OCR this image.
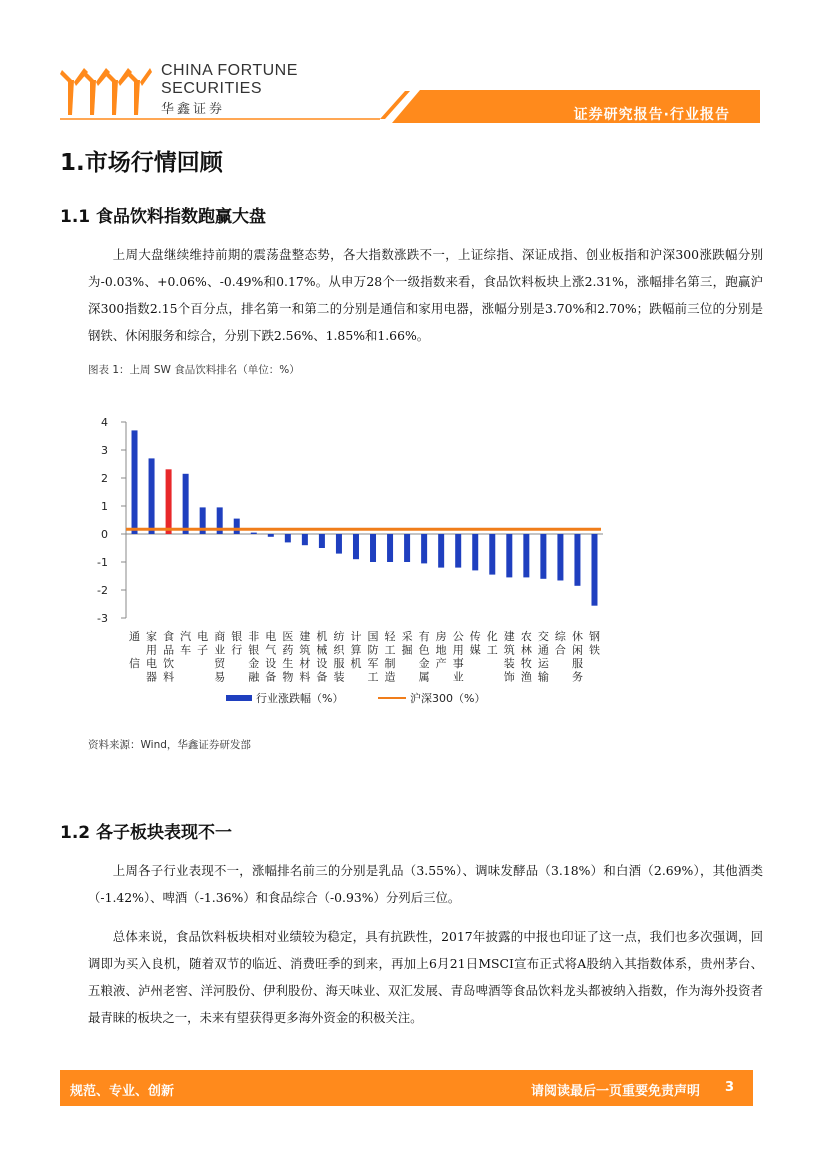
CHINA FORTUNE
SECURITIES
华鑫证券	证券研究报告·行业报告
1.市场行情回顾
1.1 食品饮料指数跑赢大盘
上周大盘继续维持前期的震荡盘整态势，各大指数涨跌不一，上证综指、深证成指、创业板指和沪深300涨跌幅分别为-0.03%、+0.06%、-0.49%和0.17%。从申万28个一级指数来看，食品饮料板块上涨2.31%，涨幅排名第三，跑赢沪深300指数2.15个百分点，排名第一和第二的分别是通信和家用电器，涨幅分别是3.70%和2.70%；跌幅前三位的分别是钢铁、休闲服务和综合，分别下跌2.56%、1.85%和1.66%。
图表 1：上周 SW 食品饮料排名（单位：%）
4
3
2
1
0
-1
-2
-3
通信
家用电器
食品饮料
汽车
电子
商业贸易
银行
非银金融
电气设备
医药生物
建筑材料
机械设备
纺织服装
计算机
国防军工
轻工制造
采掘
有色金属
房地产
公用事业
传媒
化工
建筑装饰
农林牧渔
交通运输
综合
休闲服务
钢铁
行业涨跌幅（%）	沪深300（%）
资料来源：Wind，华鑫证券研发部
1.2 各子板块表现不一
上周各子行业表现不一，涨幅排名前三的分别是乳品（3.55%）、调味发酵品（3.18%）和白酒（2.69%），其他酒类（-1.42%）、啤酒（-1.36%）和食品综合（-0.93%）分列后三位。
总体来说，食品饮料板块相对业绩较为稳定，具有抗跌性，2017年披露的中报也印证了这一点，我们也多次强调，回调即为买入良机，随着双节的临近、消费旺季的到来，再加上6月21日MSCI宣布正式将A股纳入其指数体系，贵州茅台、五粮液、泸州老窖、洋河股份、伊利股份、海天味业、双汇发展、青岛啤酒等食品饮料龙头都被纳入指数，作为海外投资者最青睐的板块之一，未来有望获得更多海外资金的积极关注。
规范、专业、创新	请阅读最后一页重要免责声明 3
